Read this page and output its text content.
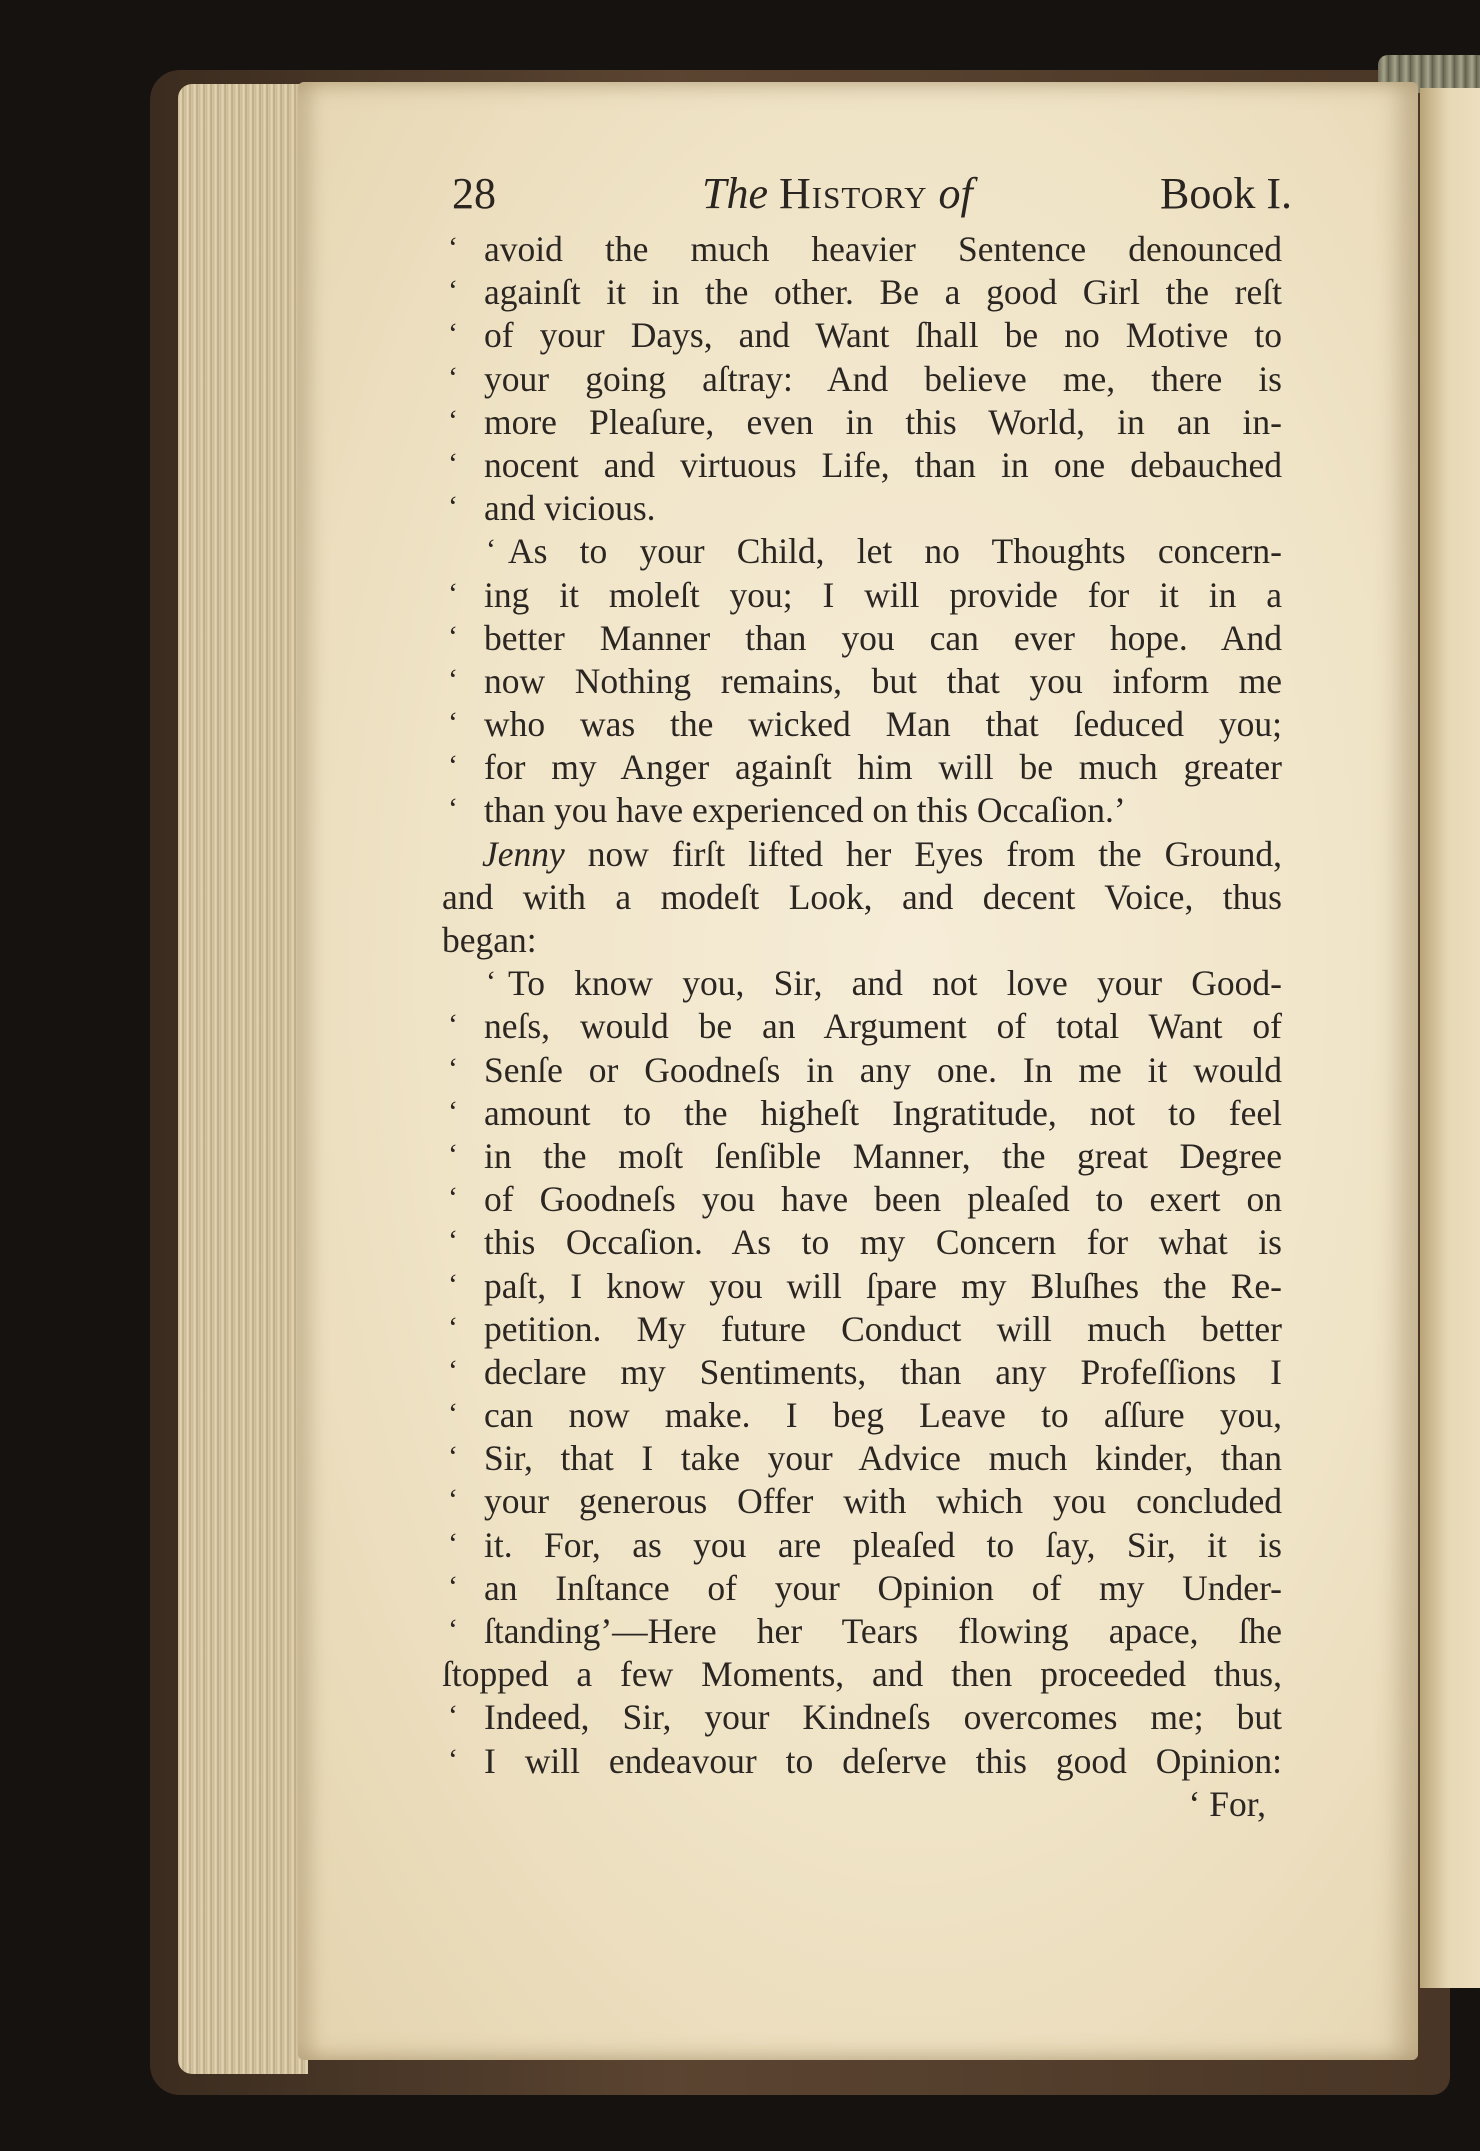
28	The History of	Book I.
‘ avoid the much heavier Sentence denounced
‘ againſt it in the other. Be a good Girl the reſt
‘ of your Days, and Want ſhall be no Motive to
‘ your going aſtray: And believe me, there is
‘ more Pleaſure, even in this World, in an in-
‘ nocent and virtuous Life, than in one debauched
‘ and vicious.
‘ As to your Child, let no Thoughts concern-
‘ ing it moleſt you; I will provide for it in a
‘ better Manner than you can ever hope. And
‘ now Nothing remains, but that you inform me
‘ who was the wicked Man that ſeduced you;
‘ for my Anger againſt him will be much greater
‘ than you have experienced on this Occaſion.’
Jenny now firſt lifted her Eyes from the Ground,
and with a modeſt Look, and decent Voice, thus
began:
‘ To know you, Sir, and not love your Good-
‘ neſs, would be an Argument of total Want of
‘ Senſe or Goodneſs in any one. In me it would
‘ amount to the higheſt Ingratitude, not to feel
‘ in the moſt ſenſible Manner, the great Degree
‘ of Goodneſs you have been pleaſed to exert on
‘ this Occaſion. As to my Concern for what is
‘ paſt, I know you will ſpare my Bluſhes the Re-
‘ petition. My future Conduct will much better
‘ declare my Sentiments, than any Profeſſions I
‘ can now make. I beg Leave to aſſure you,
‘ Sir, that I take your Advice much kinder, than
‘ your generous Offer with which you concluded
‘ it. For, as you are pleaſed to ſay, Sir, it is
‘ an Inſtance of your Opinion of my Under-
‘ ſtanding’—Here her Tears flowing apace, ſhe
ſtopped a few Moments, and then proceeded thus,
‘ Indeed, Sir, your Kindneſs overcomes me; but
‘ I will endeavour to deſerve this good Opinion:
‘ For,
